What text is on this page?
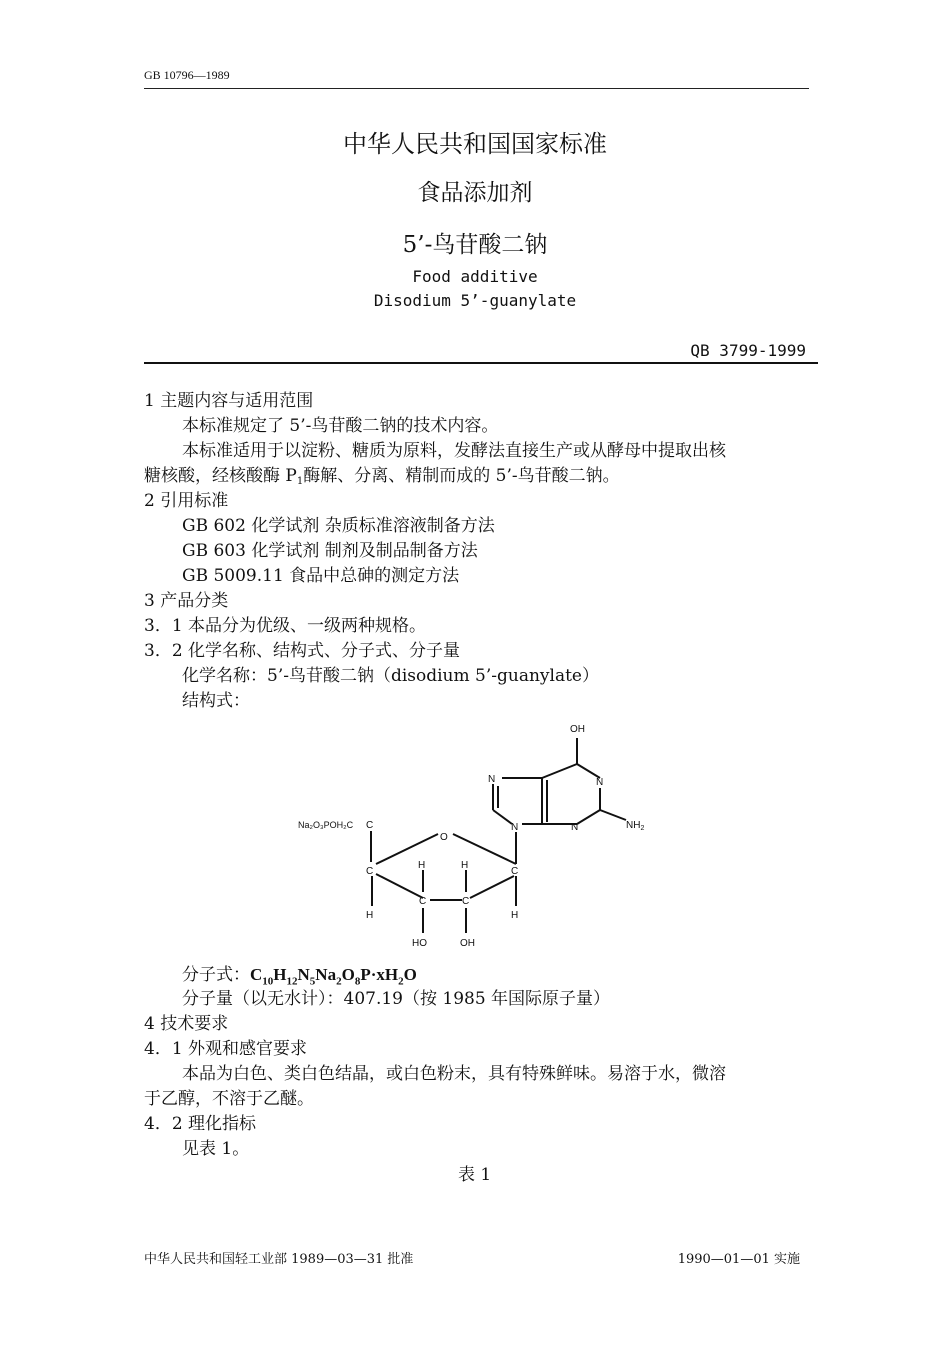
GB 10796—1989
中华人民共和国国家标准
食品添加剂
5’-鸟苷酸二钠
Food additive
Disodium 5’-guanylate
QB 3799-1999
1 主题内容与适用范围
本标准规定了 5’-鸟苷酸二钠的技术内容。
本标准适用于以淀粉、糖质为原料，发酵法直接生产或从酵母中提取出核
糖核酸，经核酸酶 P1酶解、分离、精制而成的 5’-鸟苷酸二钠。
2 引用标准
GB 602 化学试剂 杂质标准溶液制备方法
GB 603 化学试剂 制剂及制品制备方法
GB 5009.11 食品中总砷的测定方法
3 产品分类
3．1 本品分为优级、一级两种规格。
3．2 化学名称、结构式、分子式、分子量
化学名称：5’-鸟苷酸二钠（disodium 5’-guanylate）
结构式：
OH
N
N
N
N	$NH_2$
Na₂O₃POH₂C C
O
C	C
H	H
C	C
H	H
HO	OH
分子式：$C_{10}H_{12}N_5Na_2O_8P\cdot xH_2O$
分子量（以无水计）：407.19（按 1985 年国际原子量）
4 技术要求
4．1 外观和感官要求
本品为白色、类白色结晶，或白色粉末，具有特殊鲜味。易溶于水，微溶
于乙醇，不溶于乙醚。
4．2 理化指标
见表 1。
表 1
中华人民共和国轻工业部 1989—03—31 批准	1990—01—01 实施
